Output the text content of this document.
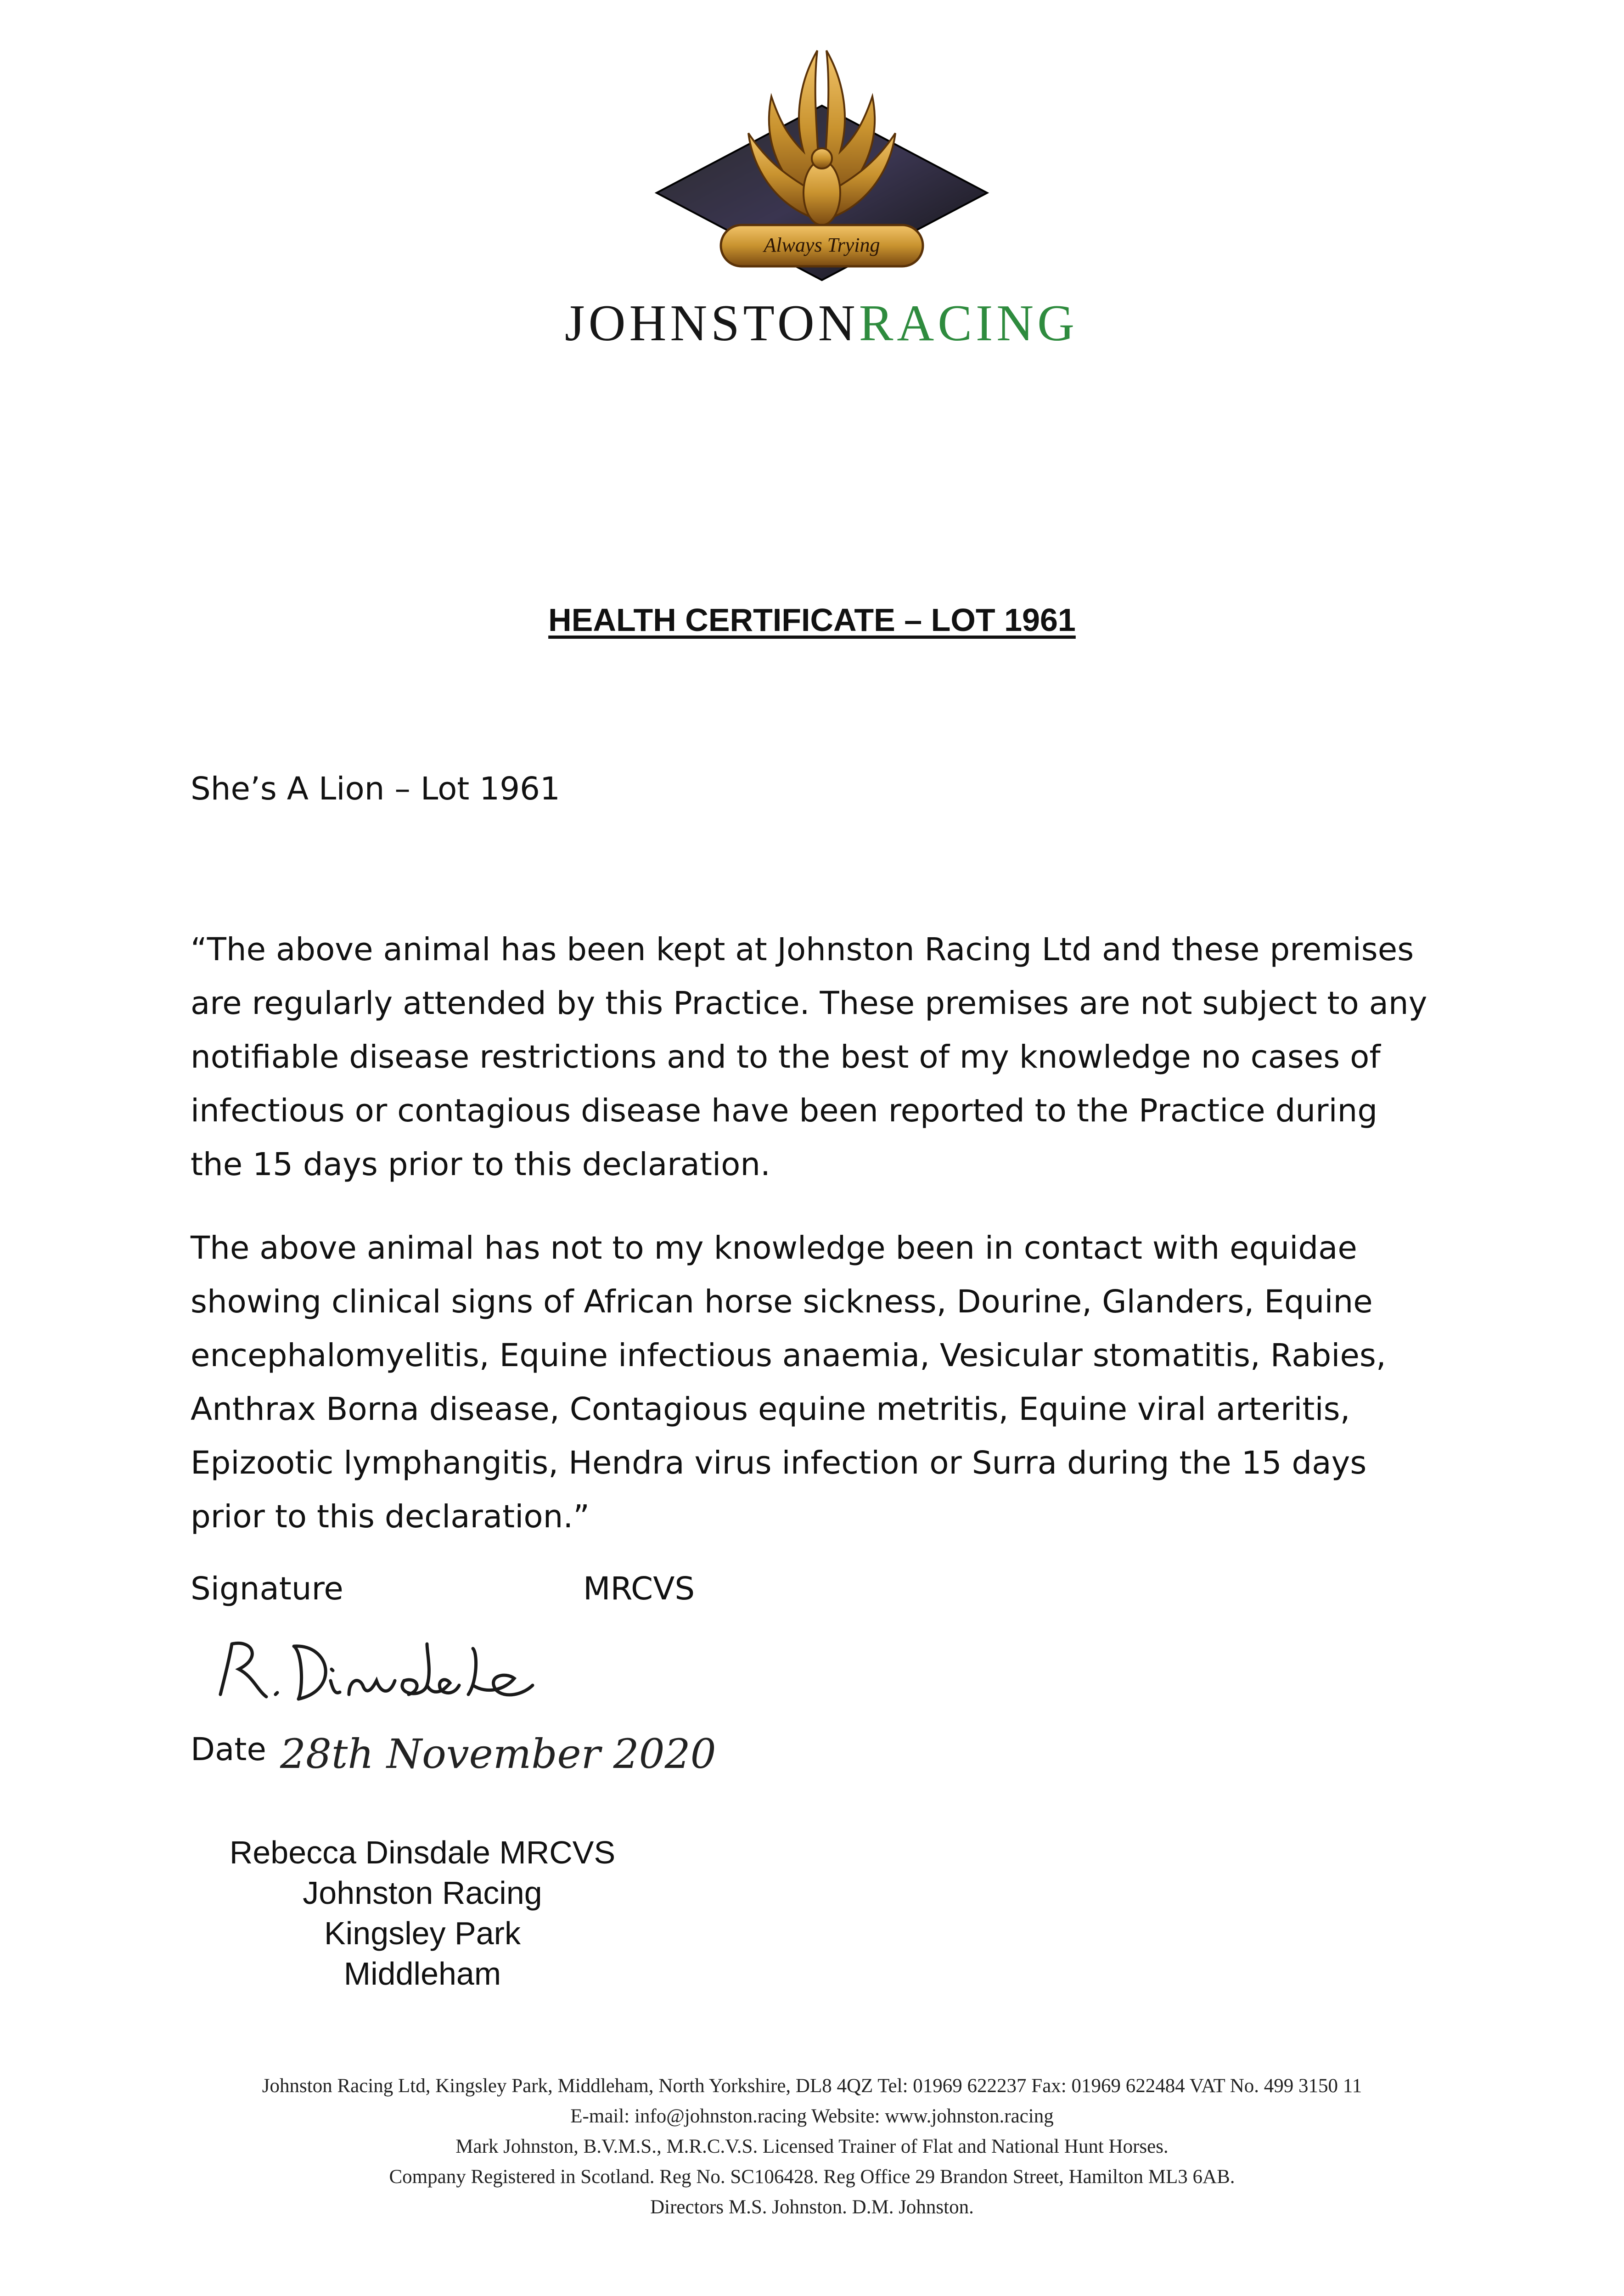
Always Trying
JOHNSTONRACING
HEALTH CERTIFICATE – LOT 1961
She’s A Lion – Lot 1961

“The above animal has been kept at Johnston Racing Ltd and these premises are regularly attended by this Practice. These premises are not subject to any notifiable disease restrictions and to the best of my knowledge no cases of infectious or contagious disease have been reported to the Practice during the 15 days prior to this declaration.

The above animal has not to my knowledge been in contact with equidae showing clinical signs of African horse sickness, Dourine, Glanders, Equine encephalomyelitis, Equine infectious anaemia, Vesicular stomatitis, Rabies, Anthrax Borna disease, Contagious equine metritis, Equine viral arteritis, Epizootic lymphangitis, Hendra virus infection or Surra during the 15 days prior to this declaration.”

Signature	MRCVS
Date 28th November 2020
Rebecca Dinsdale MRCVS
Johnston Racing
Kingsley Park
Middleham
Johnston Racing Ltd, Kingsley Park, Middleham, North Yorkshire, DL8 4QZ Tel: 01969 622237 Fax: 01969 622484 VAT No. 499 3150 11
E-mail: info@johnston.racing Website: www.johnston.racing
Mark Johnston, B.V.M.S., M.R.C.V.S. Licensed Trainer of Flat and National Hunt Horses.
Company Registered in Scotland. Reg No. SC106428. Reg Office 29 Brandon Street, Hamilton ML3 6AB.
Directors M.S. Johnston. D.M. Johnston.
